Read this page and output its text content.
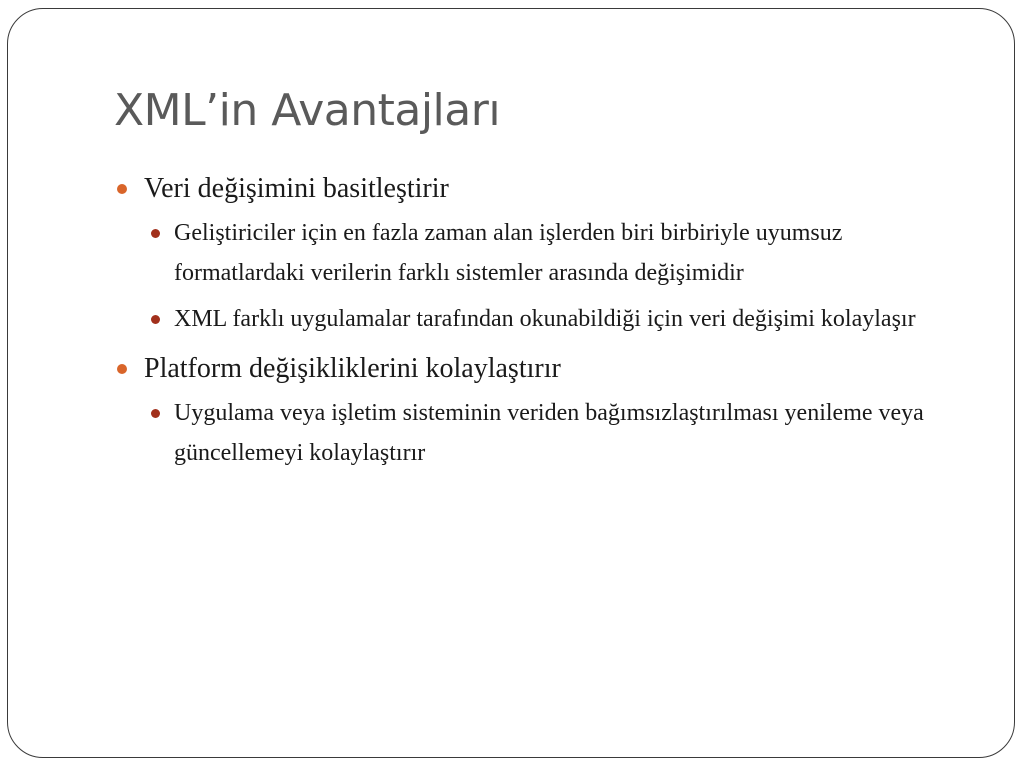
XML’in Avantajları
Veri değişimini basitleştirir
Geliştiriciler için en fazla zaman alan işlerden biri birbiriyle uyumsuz formatlardaki verilerin farklı sistemler arasında değişimidir
XML farklı uygulamalar tarafından okunabildiği için veri değişimi kolaylaşır
Platform değişikliklerini kolaylaştırır
Uygulama veya işletim sisteminin veriden bağımsızlaştırılması yenileme veya güncellemeyi kolaylaştırır
